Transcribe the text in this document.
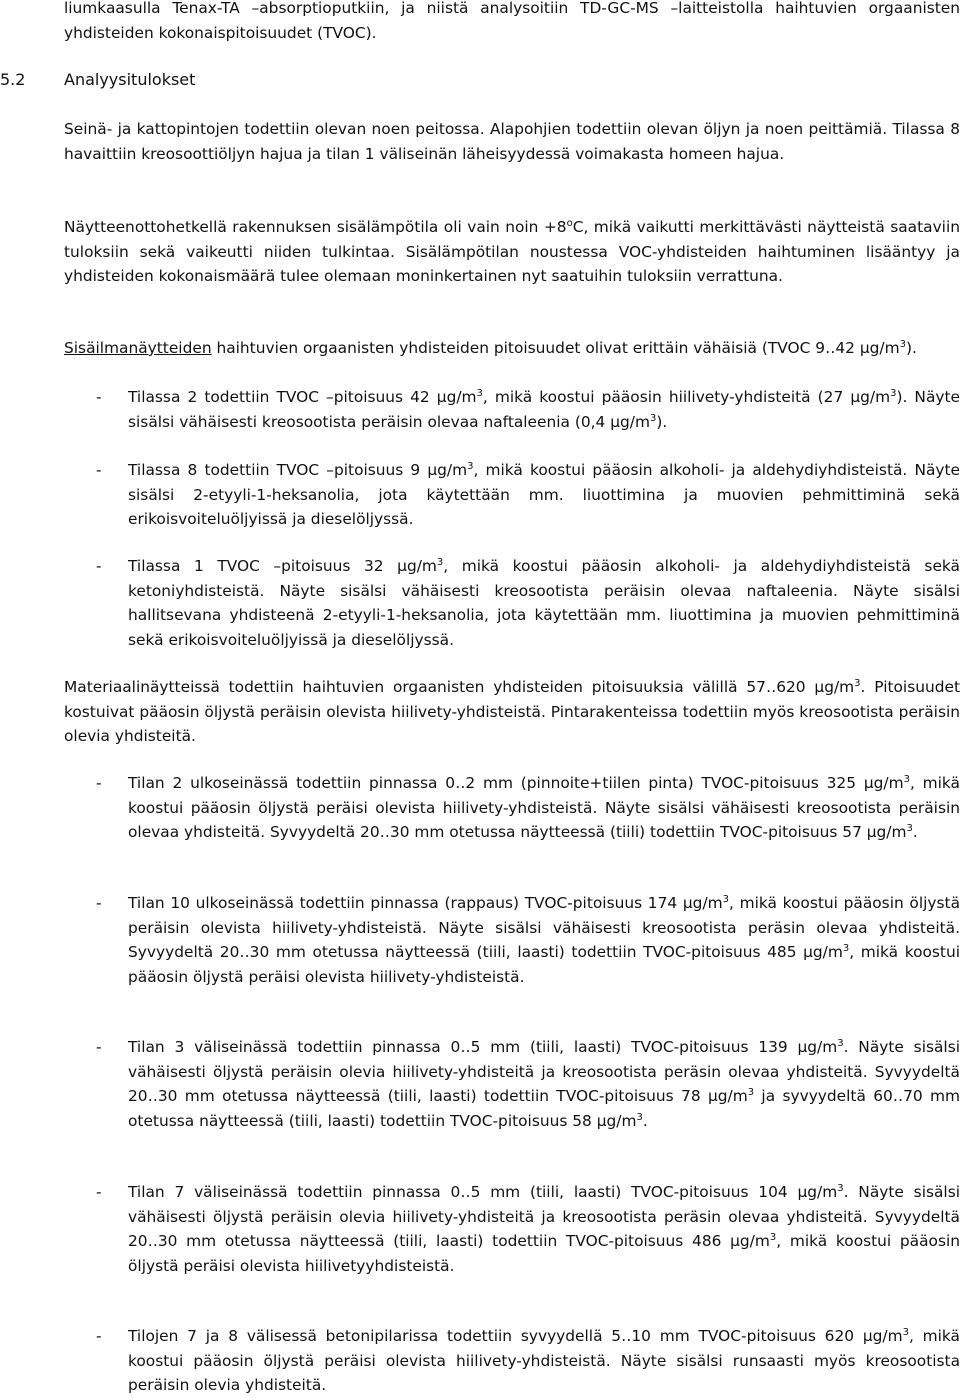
liumkaasulla Tenax-TA –absorptioputkiin, ja niistä analysoitiin TD-GC-MS –laitteistolla haihtuvien orgaanisten yhdisteiden kokonaispitoisuudet (TVOC).

5.2 Analyysitulokset

Seinä- ja kattopintojen todettiin olevan noen peitossa. Alapohjien todettiin olevan öljyn ja noen peittämiä. Tilassa 8 havaittiin kreosoottiöljyn hajua ja tilan 1 väliseinän läheisyydessä voimakasta homeen hajua.

Näytteenottohetkellä rakennuksen sisälämpötila oli vain noin $+8^oC$, mikä vaikutti merkittävästi näytteistä saataviin tuloksiin sekä vaikeutti niiden tulkintaa. Sisälämpötilan noustessa VOC-yhdisteiden haihtuminen lisääntyy ja yhdisteiden kokonaismäärä tulee olemaan moninkertainen nyt saatuihin tuloksiin verrattuna.

Sisäilmanäytteiden haihtuvien orgaanisten yhdisteiden pitoisuudet olivat erittäin vähäisiä (TVOC 9‥42 $\mu g/m^3$).

- Tilassa 2 todettiin TVOC –pitoisuus 42 $\mu g/m^3$, mikä koostui pääosin hiilivety-yhdisteitä (27 $\mu g/m^3$). Näyte sisälsi vähäisesti kreosootista peräisin olevaa naftaleenia (0,4 $\mu g/m^3$).

- Tilassa 8 todettiin TVOC –pitoisuus 9 $\mu g/m^3$, mikä koostui pääosin alkoholi- ja aldehydiyhdisteistä. Näyte sisälsi 2-etyyli-1-heksanolia, jota käytettään mm. liuottimina ja muovien pehmittiminä sekä erikoisvoiteluöljyissä ja dieselöljyssä.

- Tilassa 1 TVOC –pitoisuus 32 $\mu g/m^3$, mikä koostui pääosin alkoholi- ja aldehydiyhdisteistä sekä ketoniyhdisteistä. Näyte sisälsi vähäisesti kreosootista peräisin olevaa naftaleenia. Näyte sisälsi hallitsevana yhdisteenä 2-etyyli-1-heksanolia, jota käytettään mm. liuottimina ja muovien pehmittiminä sekä erikoisvoiteluöljyissä ja dieselöljyssä.

Materiaalinäytteissä todettiin haihtuvien orgaanisten yhdisteiden pitoisuuksia välillä 57‥620 $\mu g/m^3$. Pitoisuudet kostuivat pääosin öljystä peräisin olevista hiilivety-yhdisteistä. Pintarakenteissa todettiin myös kreosootista peräisin olevia yhdisteitä.

- Tilan 2 ulkoseinässä todettiin pinnassa 0‥2 mm (pinnoite+tiilen pinta) TVOC-pitoisuus 325 $\mu g/m^3$, mikä koostui pääosin öljystä peräisi olevista hiilivety-yhdisteistä. Näyte sisälsi vähäisesti kreosootista peräisin olevaa yhdisteitä. Syvyydeltä 20‥30 mm otetussa näytteessä (tiili) todettiin TVOC-pitoisuus 57 $\mu g/m^3$.

- Tilan 10 ulkoseinässä todettiin pinnassa (rappaus) TVOC-pitoisuus 174 $\mu g/m^3$, mikä koostui pääosin öljystä peräisin olevista hiilivety-yhdisteistä. Näyte sisälsi vähäisesti kreosootista peräsin olevaa yhdisteitä. Syvyydeltä 20‥30 mm otetussa näytteessä (tiili, laasti) todettiin TVOC-pitoisuus 485 $\mu g/m^3$, mikä koostui pääosin öljystä peräisi olevista hiilivety-yhdisteistä.

- Tilan 3 väliseinässä todettiin pinnassa 0‥5 mm (tiili, laasti) TVOC-pitoisuus 139 $\mu g/m^3$. Näyte sisälsi vähäisesti öljystä peräisin olevia hiilivety-yhdisteitä ja kreosootista peräsin olevaa yhdisteitä. Syvyydeltä 20‥30 mm otetussa näytteessä (tiili, laasti) todettiin TVOC-pitoisuus 78 $\mu g/m^3$ ja syvyydeltä 60‥70 mm otetussa näytteessä (tiili, laasti) todettiin TVOC-pitoisuus 58 $\mu g/m^3$.

- Tilan 7 väliseinässä todettiin pinnassa 0‥5 mm (tiili, laasti) TVOC-pitoisuus 104 $\mu g/m^3$. Näyte sisälsi vähäisesti öljystä peräisin olevia hiilivety-yhdisteitä ja kreosootista peräsin olevaa yhdisteitä. Syvyydeltä 20‥30 mm otetussa näytteessä (tiili, laasti) todettiin TVOC-pitoisuus 486 $\mu g/m^3$, mikä koostui pääosin öljystä peräisi olevista hiilivetyyhdisteistä.

- Tilojen 7 ja 8 välisessä betonipilarissa todettiin syvyydellä 5‥10 mm TVOC-pitoisuus 620 $\mu g/m^3$, mikä koostui pääosin öljystä peräisi olevista hiilivety-yhdisteistä. Näyte sisälsi runsaasti myös kreosootista peräisin olevia yhdisteitä.
